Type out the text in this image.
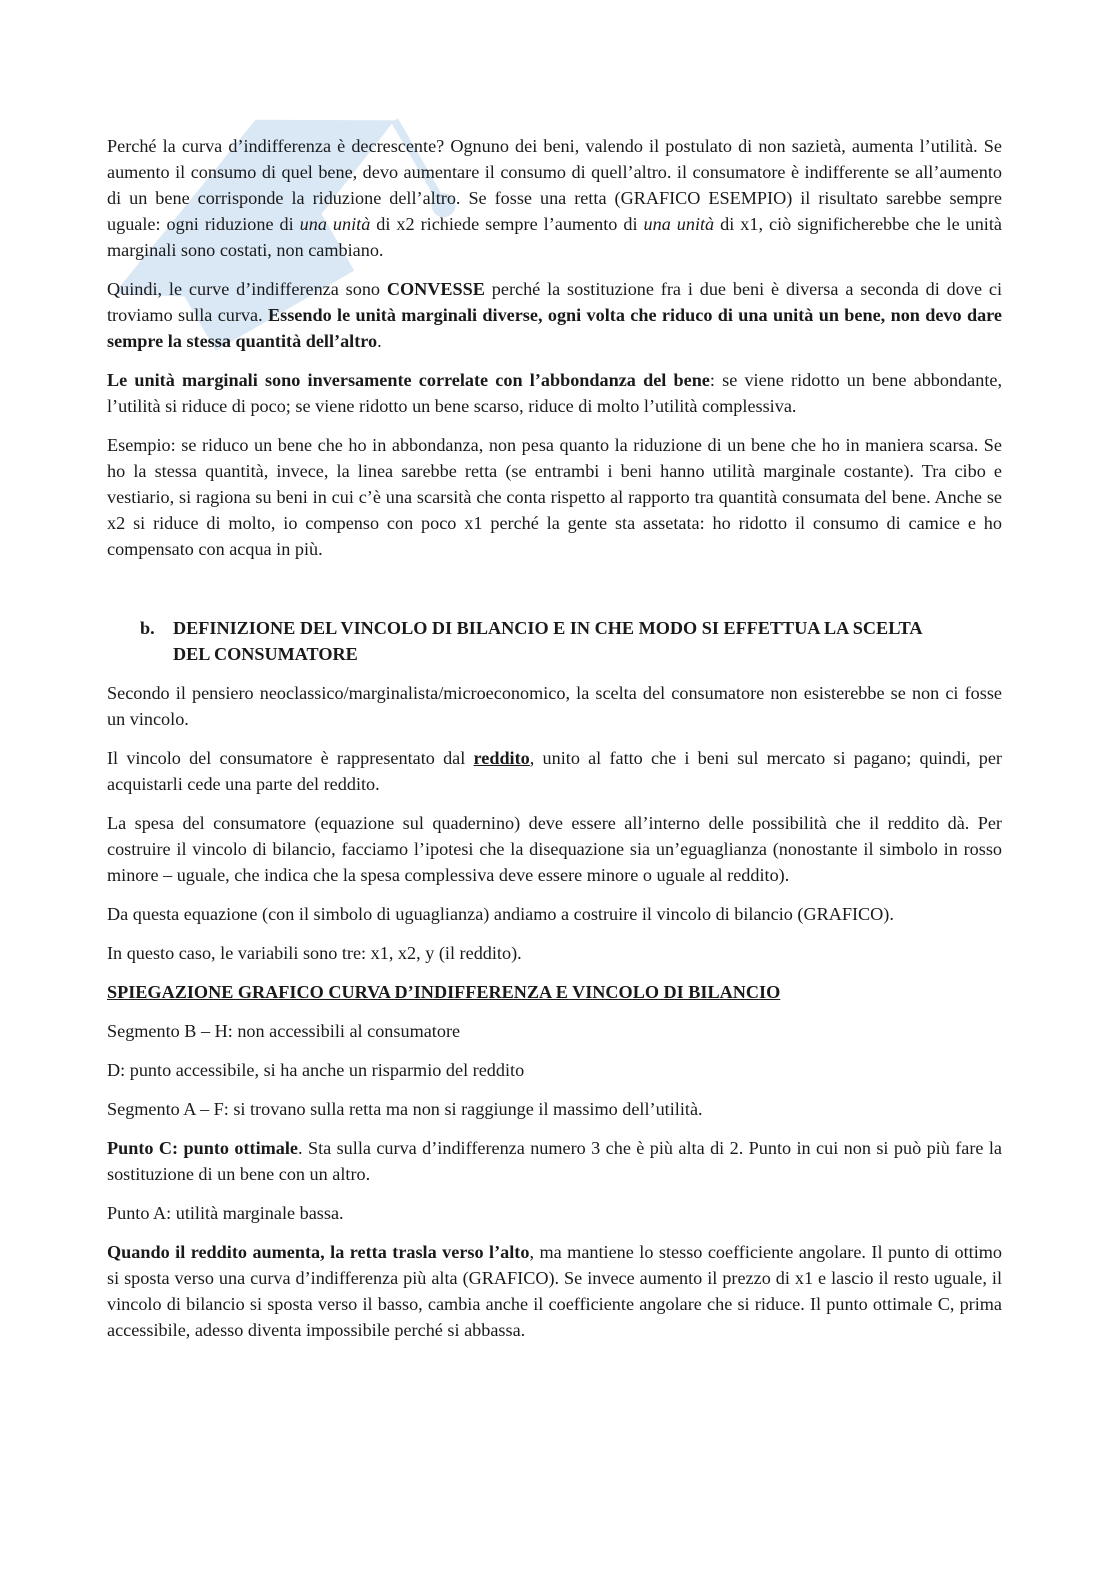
Perché la curva d’indifferenza è decrescente? Ognuno dei beni, valendo il postulato di non sazietà, aumenta l’utilità. Se aumento il consumo di quel bene, devo aumentare il consumo di quell’altro. il consumatore è indifferente se all’aumento di un bene corrisponde la riduzione dell’altro. Se fosse una retta (GRAFICO ESEMPIO) il risultato sarebbe sempre uguale: ogni riduzione di una unità di x2 richiede sempre l’aumento di una unità di x1, ciò significherebbe che le unità marginali sono costati, non cambiano.

Quindi, le curve d’indifferenza sono CONVESSE perché la sostituzione fra i due beni è diversa a seconda di dove ci troviamo sulla curva. Essendo le unità marginali diverse, ogni volta che riduco di una unità un bene, non devo dare sempre la stessa quantità dell’altro.

Le unità marginali sono inversamente correlate con l’abbondanza del bene: se viene ridotto un bene abbondante, l’utilità si riduce di poco; se viene ridotto un bene scarso, riduce di molto l’utilità complessiva.

Esempio: se riduco un bene che ho in abbondanza, non pesa quanto la riduzione di un bene che ho in maniera scarsa. Se ho la stessa quantità, invece, la linea sarebbe retta (se entrambi i beni hanno utilità marginale costante). Tra cibo e vestiario, si ragiona su beni in cui c’è una scarsità che conta rispetto al rapporto tra quantità consumata del bene. Anche se x2 si riduce di molto, io compenso con poco x1 perché la gente sta assetata: ho ridotto il consumo di camice e ho compensato con acqua in più.

b.	DEFINIZIONE DEL VINCOLO DI BILANCIO E IN CHE MODO SI EFFETTUA LA SCELTA DEL CONSUMATORE

Secondo il pensiero neoclassico/marginalista/microeconomico, la scelta del consumatore non esisterebbe se non ci fosse un vincolo.

Il vincolo del consumatore è rappresentato dal reddito, unito al fatto che i beni sul mercato si pagano; quindi, per acquistarli cede una parte del reddito.

La spesa del consumatore (equazione sul quadernino) deve essere all’interno delle possibilità che il reddito dà. Per costruire il vincolo di bilancio, facciamo l’ipotesi che la disequazione sia un’eguaglianza (nonostante il simbolo in rosso minore – uguale, che indica che la spesa complessiva deve essere minore o uguale al reddito).

Da questa equazione (con il simbolo di uguaglianza) andiamo a costruire il vincolo di bilancio (GRAFICO).

In questo caso, le variabili sono tre: x1, x2, y (il reddito).

SPIEGAZIONE GRAFICO CURVA D’INDIFFERENZA E VINCOLO DI BILANCIO

Segmento B – H: non accessibili al consumatore

D: punto accessibile, si ha anche un risparmio del reddito

Segmento A – F: si trovano sulla retta ma non si raggiunge il massimo dell’utilità.

Punto C: punto ottimale. Sta sulla curva d’indifferenza numero 3 che è più alta di 2. Punto in cui non si può più fare la sostituzione di un bene con un altro.

Punto A: utilità marginale bassa.

Quando il reddito aumenta, la retta trasla verso l’alto, ma mantiene lo stesso coefficiente angolare. Il punto di ottimo si sposta verso una curva d’indifferenza più alta (GRAFICO). Se invece aumento il prezzo di x1 e lascio il resto uguale, il vincolo di bilancio si sposta verso il basso, cambia anche il coefficiente angolare che si riduce. Il punto ottimale C, prima accessibile, adesso diventa impossibile perché si abbassa.
